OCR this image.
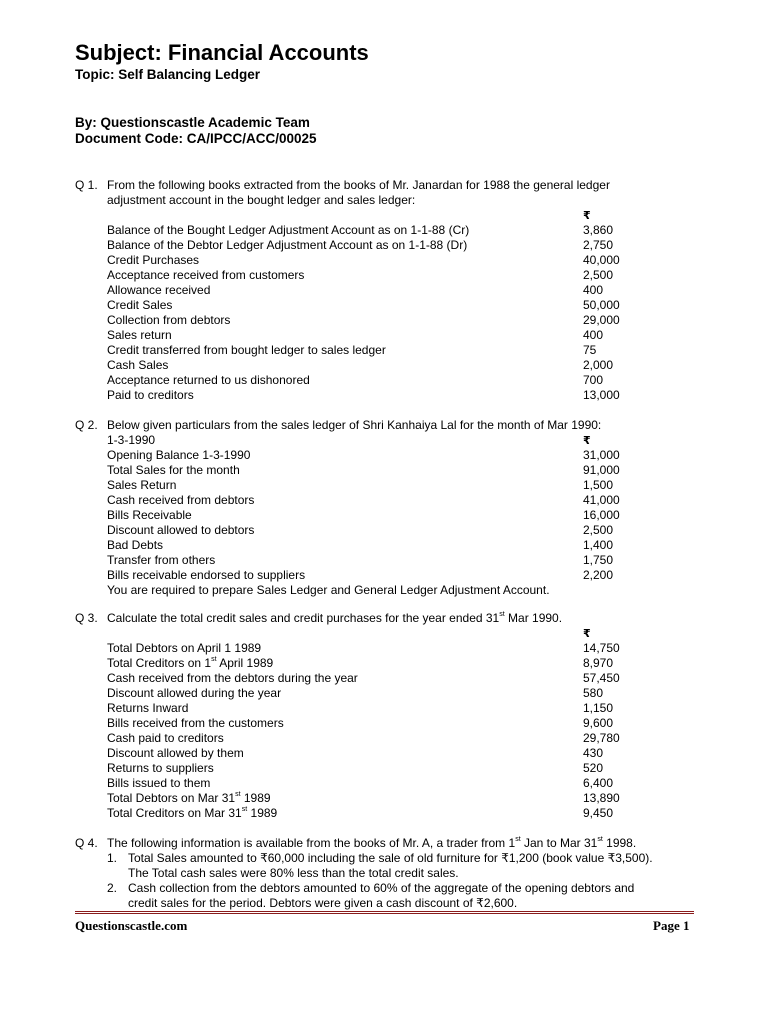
Subject: Financial Accounts
Topic: Self Balancing Ledger
By: Questionscastle Academic Team
Document Code: CA/IPCC/ACC/00025
Q 1. From the following books extracted from the books of Mr. Janardan for 1988 the general ledger
adjustment account in the bought ledger and sales ledger:
₹
Balance of the Bought Ledger Adjustment Account as on 1-1-88 (Cr)	3,860
Balance of the Debtor Ledger Adjustment Account as on 1-1-88 (Dr)	2,750
Credit Purchases	40,000
Acceptance received from customers	2,500
Allowance received	400
Credit Sales	50,000
Collection from debtors	29,000
Sales return	400
Credit transferred from bought ledger to sales ledger	75
Cash Sales	2,000
Acceptance returned to us dishonored	700
Paid to creditors	13,000
Q 2. Below given particulars from the sales ledger of Shri Kanhaiya Lal for the month of Mar 1990:
1-3-1990	₹
Opening Balance 1-3-1990	31,000
Total Sales for the month	91,000
Sales Return	1,500
Cash received from debtors	41,000
Bills Receivable	16,000
Discount allowed to debtors	2,500
Bad Debts	1,400
Transfer from others	1,750
Bills receivable endorsed to suppliers	2,200
You are required to prepare Sales Ledger and General Ledger Adjustment Account.
Q 3. Calculate the total credit sales and credit purchases for the year ended 31st Mar 1990.
₹
Total Debtors on April 1 1989	14,750
Total Creditors on 1st April 1989	8,970
Cash received from the debtors during the year	57,450
Discount allowed during the year	580
Returns Inward	1,150
Bills received from the customers	9,600
Cash paid to creditors	29,780
Discount allowed by them	430
Returns to suppliers	520
Bills issued to them	6,400
Total Debtors on Mar 31st 1989	13,890
Total Creditors on Mar 31st 1989	9,450
Q 4. The following information is available from the books of Mr. A, a trader from 1st Jan to Mar 31st 1998.
1. Total Sales amounted to ₹60,000 including the sale of old furniture for ₹1,200 (book value ₹3,500).
The Total cash sales were 80% less than the total credit sales.
2. Cash collection from the debtors amounted to 60% of the aggregate of the opening debtors and
credit sales for the period. Debtors were given a cash discount of ₹2,600.
Questionscastle.com	Page 1
